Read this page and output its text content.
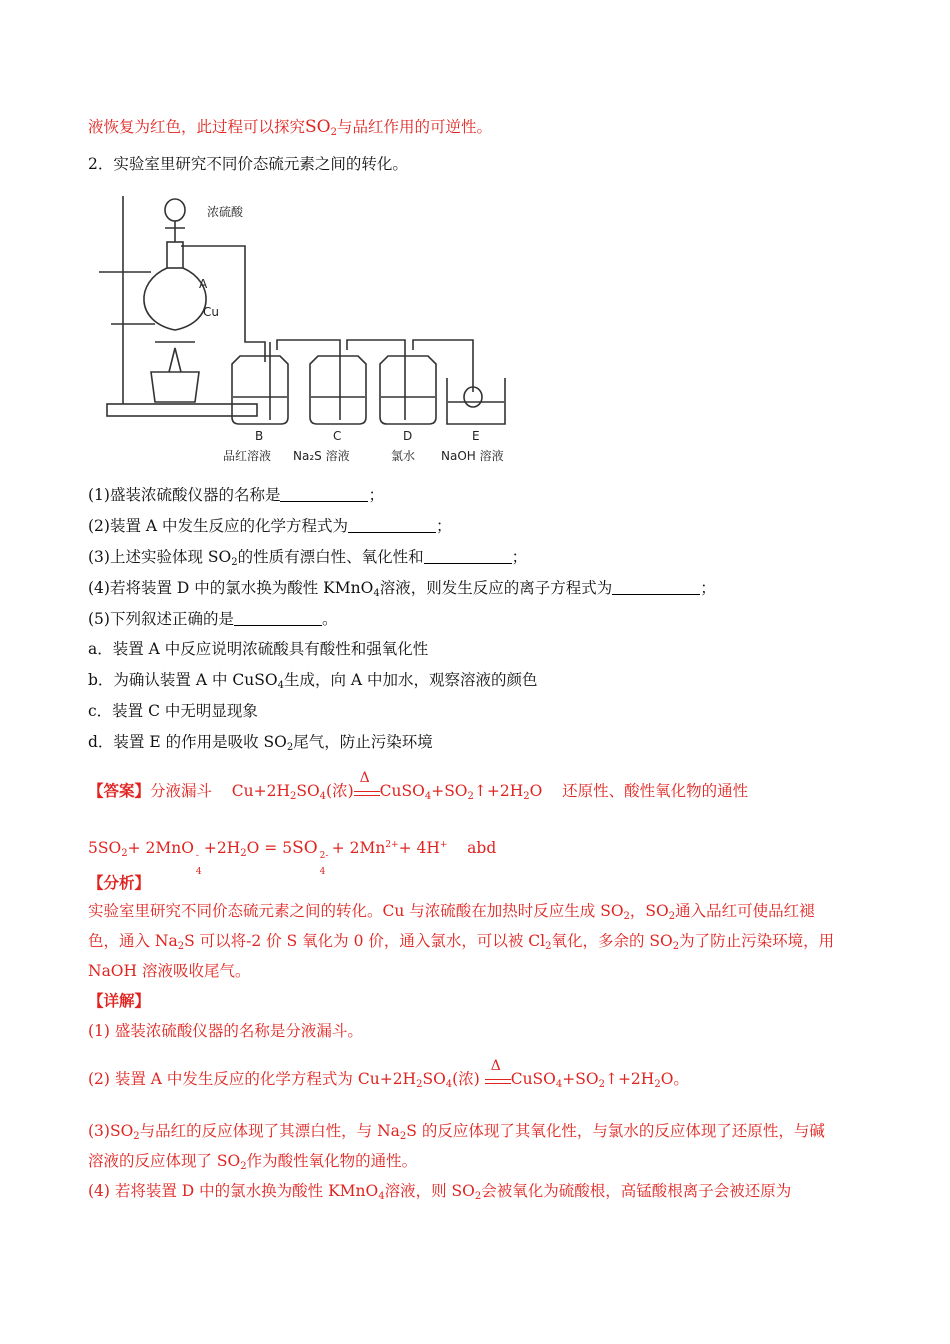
液恢复为红色，此过程可以探究$SO_2$与品红作用的可逆性。
2．实验室里研究不同价态硫元素之间的转化。
浓硫酸
A
Cu
B
品红溶液
C
Na₂S 溶液
D
氯水
E
NaOH 溶液
(1)盛装浓硫酸仪器的名称是	；
(2)装置 A 中发生反应的化学方程式为	；
(3)上述实验体现 $SO_2$的性质有漂白性、氧化性和	；
(4)若将装置 D 中的氯水换为酸性 KMnO$_4$溶液，则发生反应的离子方程式为	；
(5)下列叙述正确的是	。
a．装置 A 中反应说明浓硫酸具有酸性和强氧化性
b．为确认装置 A 中 CuSO$_4$生成，向 A 中加水，观察溶液的颜色
c．装置 C 中无明显现象
d．装置 E 的作用是吸收 $SO_2$尾气，防止污染环境
【答案】分液漏斗 $Cu+2H_2SO_4$(浓)
Δ
$CuSO_4+SO_2↑+2H_2O$ 还原性、酸性氧化物的通性
$5SO_2+ 2MnO$ -
4
$+2H_2O = 5SO$ 2-
4
+ $2Mn^{2+}+ 4H^+$ abd
【分析】
实验室里研究不同价态硫元素之间的转化。Cu 与浓硫酸在加热时反应生成 $SO_2$，$SO_2$通入品红可使品红褪
色，通入 $Na_2S$ 可以将-2 价 S 氧化为 0 价，通入氯水，可以被 $Cl_2$氧化，多余的 $SO_2$为了防止污染环境，用
NaOH 溶液吸收尾气。
【详解】
(1) 盛装浓硫酸仪器的名称是分液漏斗。
(2) 装置 A 中发生反应的化学方程式为 $Cu+2H_2SO_4$(浓)
Δ
$CuSO_4+SO_2↑+2H_2O$。
$(3)SO_2$与品红的反应体现了其漂白性，与 $Na_2S$ 的反应体现了其氧化性，与氯水的反应体现了还原性，与碱
溶液的反应体现了 $SO_2$作为酸性氧化物的通性。
(4) 若将装置 D 中的氯水换为酸性 KMnO$_4$溶液，则 $SO_2$会被氧化为硫酸根，高锰酸根离子会被还原为
